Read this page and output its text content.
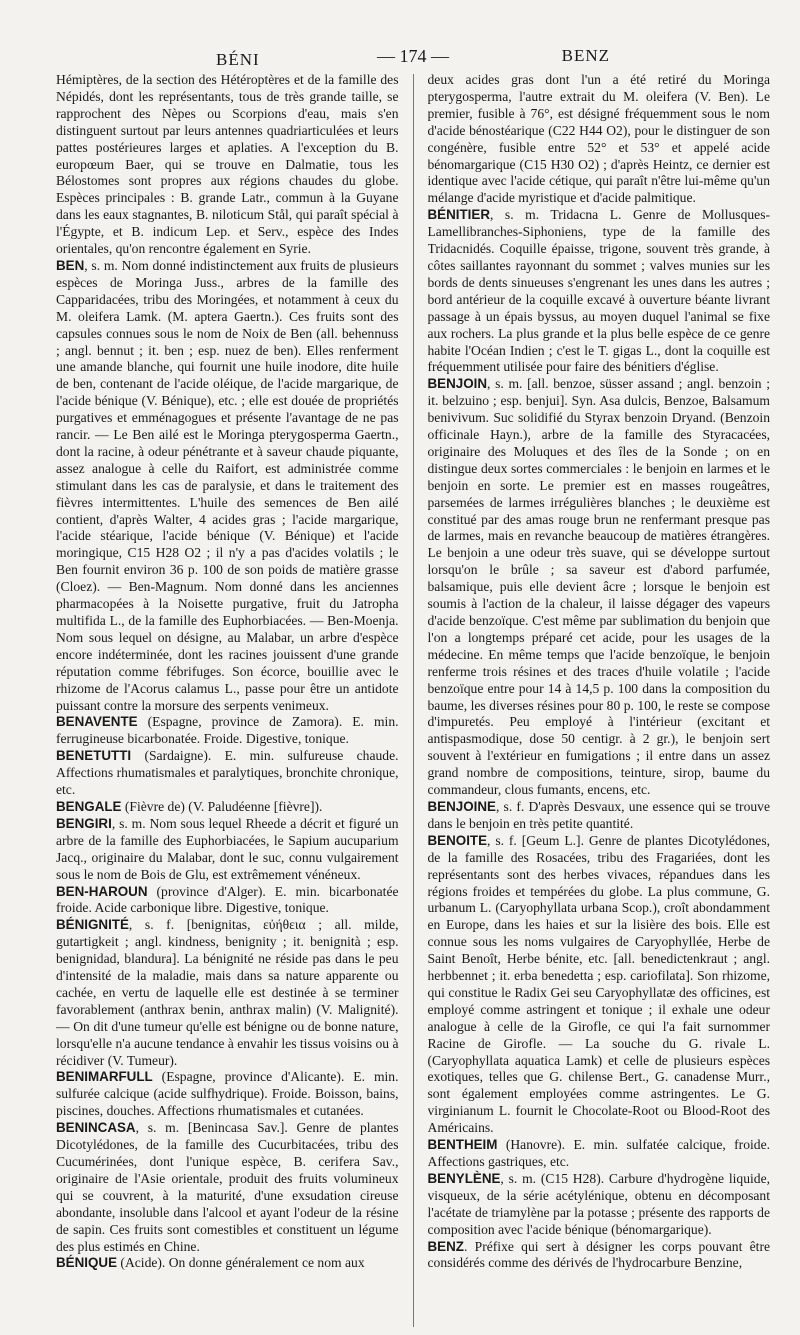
BÉNI	— 174 —	BENZ

Hémiptères, de la section des Hétéroptères et de la famille des Népidés, dont les représentants, tous de très grande taille, se rapprochent des Nèpes ou Scorpions d'eau, mais s'en distinguent surtout par leurs antennes quadriarticulées et leurs pattes postérieures larges et aplaties. A l'exception du B. europœum Baer, qui se trouve en Dalmatie, tous les Bélostomes sont propres aux régions chaudes du globe. Espèces principales : B. grande Latr., commun à la Guyane dans les eaux stagnantes, B. niloticum Stål, qui paraît spécial à l'Égypte, et B. indicum Lep. et Serv., espèce des Indes orientales, qu'on rencontre également en Syrie.

BEN, s. m. Nom donné indistinctement aux fruits de plusieurs espèces de Moringa Juss., arbres de la famille des Capparidacées, tribu des Moringées, et notamment à ceux du M. oleifera Lamk. (M. aptera Gaertn.). Ces fruits sont des capsules connues sous le nom de Noix de Ben (all. behennuss ; angl. bennut ; it. ben ; esp. nuez de ben). Elles renferment une amande blanche, qui fournit une huile inodore, dite huile de ben, contenant de l'acide oléique, de l'acide margarique, de l'acide bénique (V. Bénique), etc. ; elle est douée de propriétés purgatives et emménagogues et présente l'avantage de ne pas rancir. — Le Ben ailé est le Moringa pterygosperma Gaertn., dont la racine, à odeur pénétrante et à saveur chaude piquante, assez analogue à celle du Raifort, est administrée comme stimulant dans les cas de paralysie, et dans le traitement des fièvres intermittentes. L'huile des semences de Ben ailé contient, d'après Walter, 4 acides gras ; l'acide margarique, l'acide stéarique, l'acide bénique (V. Bénique) et l'acide moringique, C15 H28 O2 ; il n'y a pas d'acides volatils ; le Ben fournit environ 36 p. 100 de son poids de matière grasse (Cloez). — Ben-Magnum. Nom donné dans les anciennes pharmacopées à la Noisette purgative, fruit du Jatropha multifida L., de la famille des Euphorbiacées. — Ben-Moenja. Nom sous lequel on désigne, au Malabar, un arbre d'espèce encore indéterminée, dont les racines jouissent d'une grande réputation comme fébrifuges. Son écorce, bouillie avec le rhizome de l'Acorus calamus L., passe pour être un antidote puissant contre la morsure des serpents venimeux.

BENAVENTE (Espagne, province de Zamora). E. min. ferrugineuse bicarbonatée. Froide. Digestive, tonique.

BENETUTTI (Sardaigne). E. min. sulfureuse chaude. Affections rhumatismales et paralytiques, bronchite chronique, etc.

BENGALE (Fièvre de) (V. Paludéenne [fièvre]).

BENGIRI, s. m. Nom sous lequel Rheede a décrit et figuré un arbre de la famille des Euphorbiacées, le Sapium aucuparium Jacq., originaire du Malabar, dont le suc, connu vulgairement sous le nom de Bois de Glu, est extrêmement vénéneux.

BEN-HAROUN (province d'Alger). E. min. bicarbonatée froide. Acide carbonique libre. Digestive, tonique.

BÉNIGNITÉ, s. f. [benignitas, εὐήθεια ; all. milde, gutartigkeit ; angl. kindness, benignity ; it. benignità ; esp. benignidad, blandura]. La bénignité ne réside pas dans le peu d'intensité de la maladie, mais dans sa nature apparente ou cachée, en vertu de laquelle elle est destinée à se terminer favorablement (anthrax benin, anthrax malin) (V. Malignité). — On dit d'une tumeur qu'elle est bénigne ou de bonne nature, lorsqu'elle n'a aucune tendance à envahir les tissus voisins ou à récidiver (V. Tumeur).

BENIMARFULL (Espagne, province d'Alicante). E. min. sulfurée calcique (acide sulfhydrique). Froide. Boisson, bains, piscines, douches. Affections rhumatismales et cutanées.

BENINCASA, s. m. [Benincasa Sav.]. Genre de plantes Dicotylédones, de la famille des Cucurbitacées, tribu des Cucumérinées, dont l'unique espèce, B. cerifera Sav., originaire de l'Asie orientale, produit des fruits volumineux qui se couvrent, à la maturité, d'une exsudation cireuse abondante, insoluble dans l'alcool et ayant l'odeur de la résine de sapin. Ces fruits sont comestibles et constituent un légume des plus estimés en Chine.

BÉNIQUE (Acide). On donne généralement ce nom aux

deux acides gras dont l'un a été retiré du Moringa pterygosperma, l'autre extrait du M. oleifera (V. Ben). Le premier, fusible à 76°, est désigné fréquemment sous le nom d'acide bénostéarique (C22 H44 O2), pour le distinguer de son congénère, fusible entre 52° et 53° et appelé acide bénomargarique (C15 H30 O2) ; d'après Heintz, ce dernier est identique avec l'acide cétique, qui paraît n'être lui-même qu'un mélange d'acide myristique et d'acide palmitique.

BÉNITIER, s. m. Tridacna L. Genre de Mollusques-Lamellibranches-Siphoniens, type de la famille des Tridacnidés. Coquille épaisse, trigone, souvent très grande, à côtes saillantes rayonnant du sommet ; valves munies sur les bords de dents sinueuses s'engrenant les unes dans les autres ; bord antérieur de la coquille excavé à ouverture béante livrant passage à un épais byssus, au moyen duquel l'animal se fixe aux rochers. La plus grande et la plus belle espèce de ce genre habite l'Océan Indien ; c'est le T. gigas L., dont la coquille est fréquemment utilisée pour faire des bénitiers d'église.

BENJOIN, s. m. [all. benzoe, süsser assand ; angl. benzoin ; it. belzuino ; esp. benjui]. Syn. Asa dulcis, Benzoe, Balsamum benivivum. Suc solidifié du Styrax benzoin Dryand. (Benzoin officinale Hayn.), arbre de la famille des Styracacées, originaire des Moluques et des îles de la Sonde ; on en distingue deux sortes commerciales : le benjoin en larmes et le benjoin en sorte. Le premier est en masses rougeâtres, parsemées de larmes irrégulières blanches ; le deuxième est constitué par des amas rouge brun ne renfermant presque pas de larmes, mais en revanche beaucoup de matières étrangères. Le benjoin a une odeur très suave, qui se développe surtout lorsqu'on le brûle ; sa saveur est d'abord parfumée, balsamique, puis elle devient âcre ; lorsque le benjoin est soumis à l'action de la chaleur, il laisse dégager des vapeurs d'acide benzoïque. C'est même par sublimation du benjoin que l'on a longtemps préparé cet acide, pour les usages de la médecine. En même temps que l'acide benzoïque, le benjoin renferme trois résines et des traces d'huile volatile ; l'acide benzoïque entre pour 14 à 14,5 p. 100 dans la composition du baume, les diverses résines pour 80 p. 100, le reste se compose d'impuretés. Peu employé à l'intérieur (excitant et antispasmodique, dose 50 centigr. à 2 gr.), le benjoin sert souvent à l'extérieur en fumigations ; il entre dans un assez grand nombre de compositions, teinture, sirop, baume du commandeur, clous fumants, encens, etc.

BENJOINE, s. f. D'après Desvaux, une essence qui se trouve dans le benjoin en très petite quantité.

BENOITE, s. f. [Geum L.]. Genre de plantes Dicotylédones, de la famille des Rosacées, tribu des Fragariées, dont les représentants sont des herbes vivaces, répandues dans les régions froides et tempérées du globe. La plus commune, G. urbanum L. (Caryophyllata urbana Scop.), croît abondamment en Europe, dans les haies et sur la lisière des bois. Elle est connue sous les noms vulgaires de Caryophyllée, Herbe de Saint Benoît, Herbe bénite, etc. [all. benedictenkraut ; angl. herbbennet ; it. erba benedetta ; esp. cariofilata]. Son rhizome, qui constitue le Radix Gei seu Caryophyllatæ des officines, est employé comme astringent et tonique ; il exhale une odeur analogue à celle de la Girofle, ce qui l'a fait surnommer Racine de Girofle. — La souche du G. rivale L. (Caryophyllata aquatica Lamk) et celle de plusieurs espèces exotiques, telles que G. chilense Bert., G. canadense Murr., sont également employées comme astringentes. Le G. virginianum L. fournit le Chocolate-Root ou Blood-Root des Américains.

BENTHEIM (Hanovre). E. min. sulfatée calcique, froide. Affections gastriques, etc.

BENYLÈNE, s. m. (C15 H28). Carbure d'hydrogène liquide, visqueux, de la série acétylénique, obtenu en décomposant l'acétate de triamylène par la potasse ; présente des rapports de composition avec l'acide bénique (bénomargarique).

BENZ. Préfixe qui sert à désigner les corps pouvant être considérés comme des dérivés de l'hydrocarbure Benzine,
